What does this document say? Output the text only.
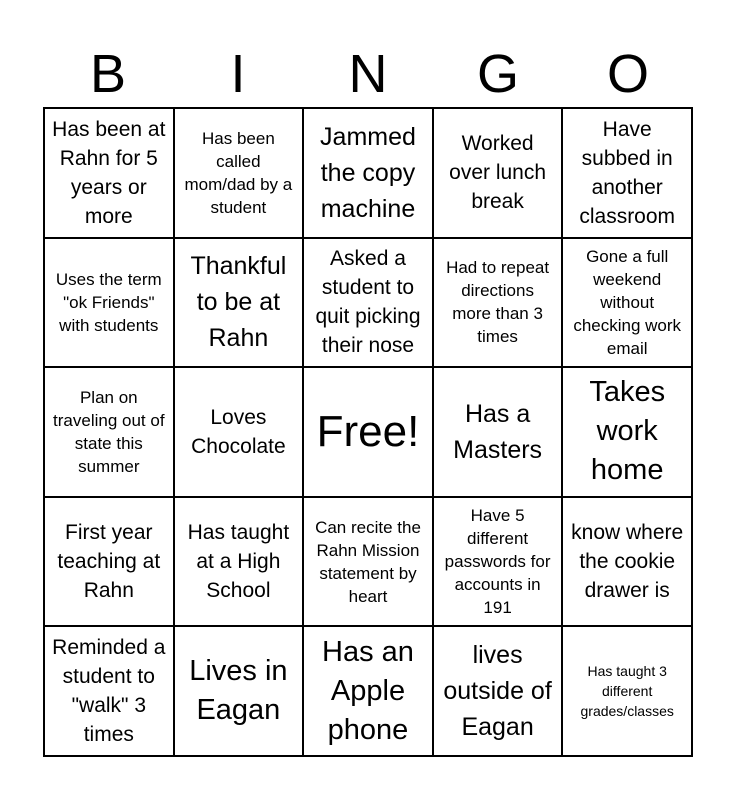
B	I	N	G	O
Has been at Rahn for 5 years or more
Has been called mom/dad by a student
Jammed the copy machine
Worked over lunch break
Have subbed in another classroom
Uses the term "ok Friends" with students
Thankful to be at Rahn
Asked a student to quit picking their nose
Had to repeat directions more than 3 times
Gone a full weekend without checking work email
Plan on traveling out of state this summer
Loves Chocolate Free!	Has a Masters
Takes work home
First year teaching at Rahn
Has taught at a High School
Can recite the Rahn Mission statement by heart
Have 5 different passwords for accounts in 191
know where the cookie drawer is
Reminded a student to "walk" 3 times
Lives in Eagan
Has an Apple phone
lives outside of Eagan
Has taught 3 different grades/classes
